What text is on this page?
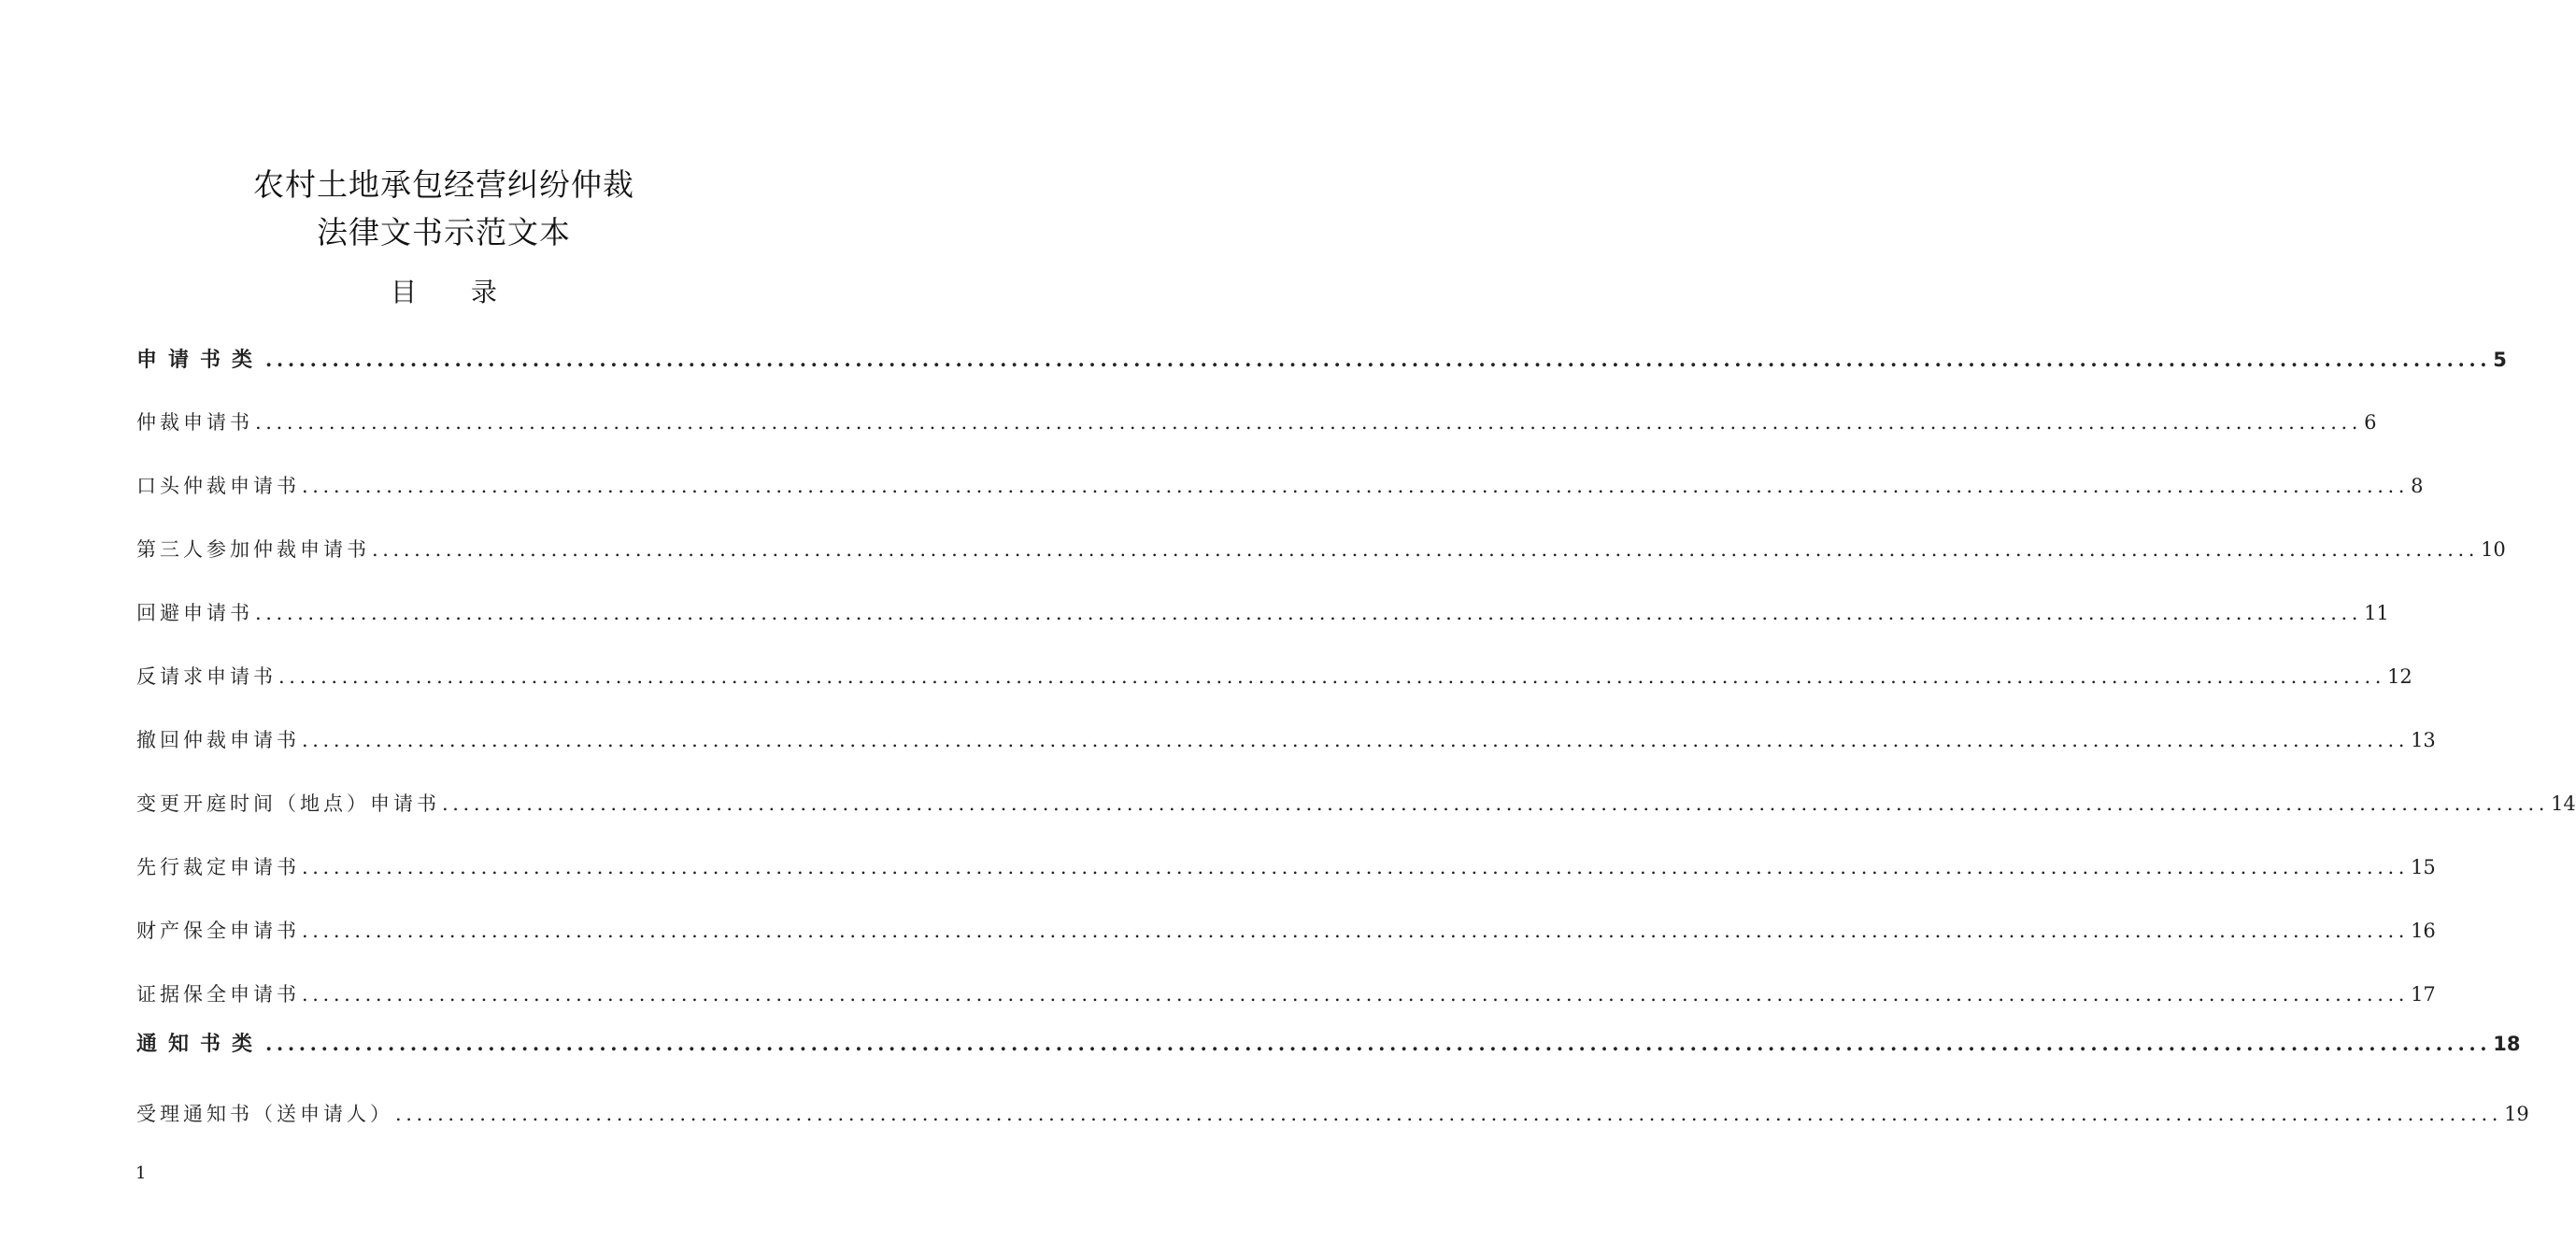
农村土地承包经营纠纷仲裁
法律文书示范文本
目 录
申请书类 ........................................................................................................................................................................................................ 5
仲裁申请书 ........................................................................................................................................................................................................ 6
口头仲裁申请书 ........................................................................................................................................................................................................ 8
第三人参加仲裁申请书 ........................................................................................................................................................................................................ 10
回避申请书 ........................................................................................................................................................................................................ 11
反请求申请书 ........................................................................................................................................................................................................ 12
撤回仲裁申请书 ........................................................................................................................................................................................................ 13
变更开庭时间（地点）申请书 ........................................................................................................................................................................................................ 14
先行裁定申请书 ........................................................................................................................................................................................................ 15
财产保全申请书 ........................................................................................................................................................................................................ 16
证据保全申请书 ........................................................................................................................................................................................................ 17
通知书类 ........................................................................................................................................................................................................ 18
受理通知书（送申请人） ........................................................................................................................................................................................................ 19
1
